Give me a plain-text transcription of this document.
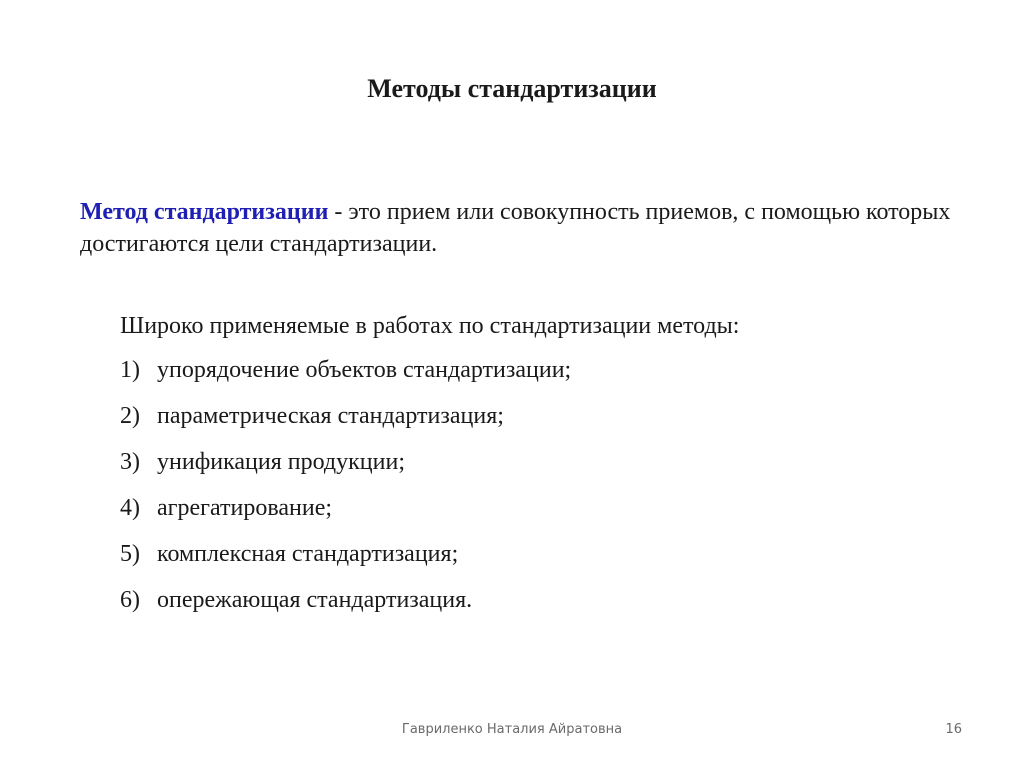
Методы стандартизации
Метод стандартизации - это прием или совокупность приемов, с помощью которых достигаются цели стандартизации.
Широко применяемые в работах по стандартизации методы:
1) упорядочение объектов стандартизации;
2) параметрическая стандартизация;
3) унификация продукции;
4) агрегатирование;
5) комплексная стандартизация;
6) опережающая стандартизация.
Гавриленко Наталия Айратовна	16
